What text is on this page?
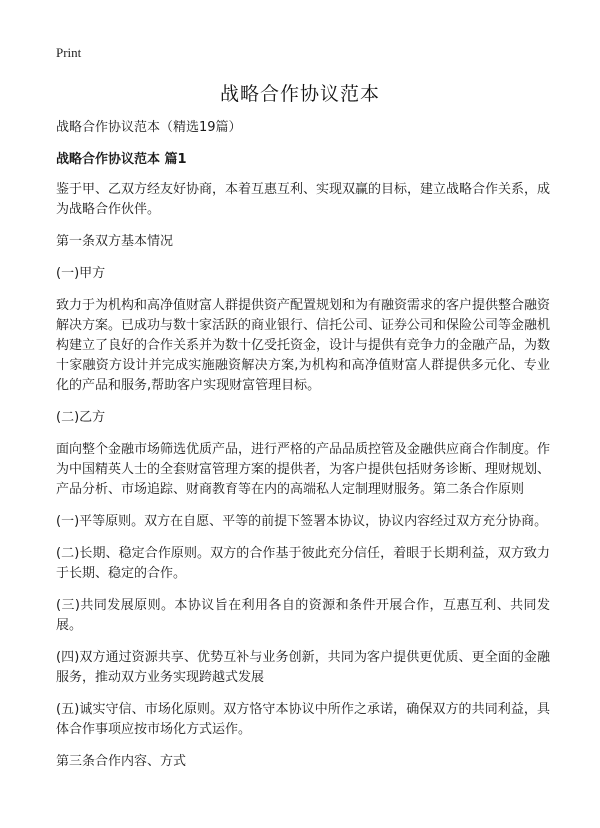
Print
战略合作协议范本

战略合作协议范本（精选19篇）

战略合作协议范本 篇1

鉴于甲、乙双方经友好协商，本着互惠互利、实现双赢的目标，建立战略合作关系，成为战略合作伙伴。

第一条双方基本情况

(一)甲方

致力于为机构和高净值财富人群提供资产配置规划和为有融资需求的客户提供整合融资解决方案。已成功与数十家活跃的商业银行、信托公司、证券公司和保险公司等金融机构建立了良好的合作关系并为数十亿受托资金，设计与提供有竞争力的金融产品，为数十家融资方设计并完成实施融资解决方案,为机构和高净值财富人群提供多元化、专业化的产品和服务,帮助客户实现财富管理目标。

(二)乙方

面向整个金融市场筛选优质产品，进行严格的产品品质控管及金融供应商合作制度。作为中国精英人士的全套财富管理方案的提供者，为客户提供包括财务诊断、理财规划、产品分析、市场追踪、财商教育等在内的高端私人定制理财服务。第二条合作原则

(一)平等原则。双方在自愿、平等的前提下签署本协议，协议内容经过双方充分协商。

(二)长期、稳定合作原则。双方的合作基于彼此充分信任，着眼于长期利益，双方致力于长期、稳定的合作。

(三)共同发展原则。本协议旨在利用各自的资源和条件开展合作，互惠互利、共同发展。

(四)双方通过资源共享、优势互补与业务创新，共同为客户提供更优质、更全面的金融服务，推动双方业务实现跨越式发展

(五)诚实守信、市场化原则。双方恪守本协议中所作之承诺，确保双方的共同利益，具体合作事项应按市场化方式运作。

第三条合作内容、方式
